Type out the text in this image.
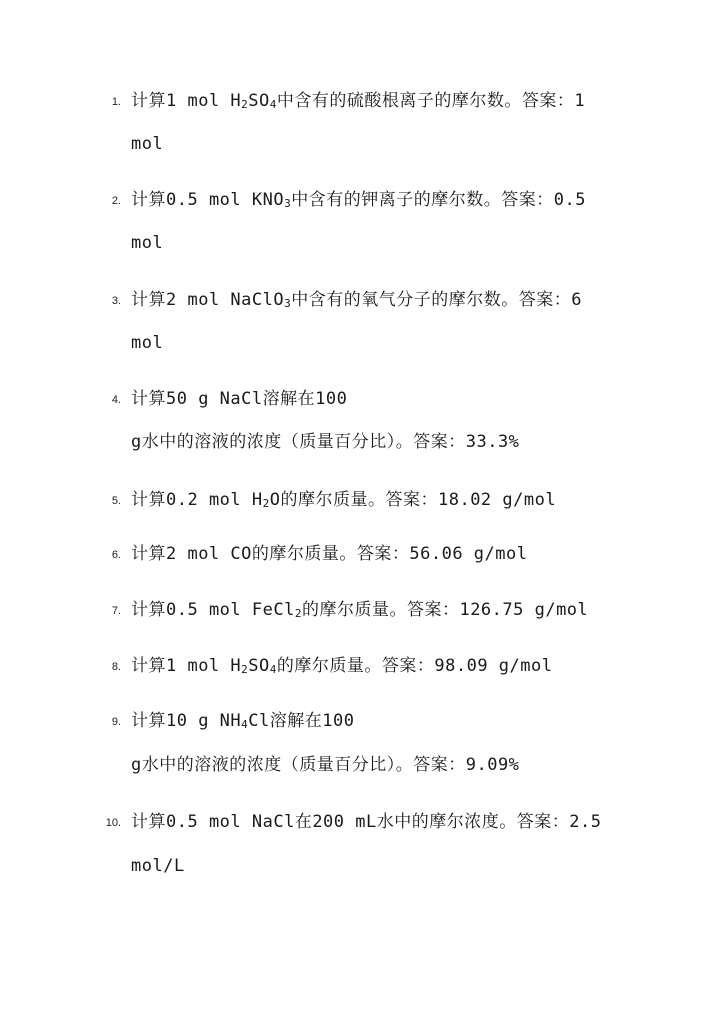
1. 计算1 mol $H_2SO_4$中含有的硫酸根离子的摩尔数。答案：1
mol
2. 计算0.5 mol $KNO_3$中含有的钾离子的摩尔数。答案：0.5
mol
3. 计算2 mol NaClO$_3$中含有的氧气分子的摩尔数。答案：6
mol
4. 计算50 g NaCl溶解在100
g水中的溶液的浓度（质量百分比）。答案：33.3%
5. 计算0.2 mol $H_2O$的摩尔质量。答案：18.02 g/mol
6. 计算2 mol CO的摩尔质量。答案：56.06 g/mol
7. 计算0.5 mol FeCl$_2$的摩尔质量。答案：126.75 g/mol
8. 计算1 mol $H_2SO_4$的摩尔质量。答案：98.09 g/mol
9. 计算10 g $NH_4Cl$溶解在100
g水中的溶液的浓度（质量百分比）。答案：9.09%
10. 计算0.5 mol NaCl在200 mL水中的摩尔浓度。答案：2.5
mol/L
